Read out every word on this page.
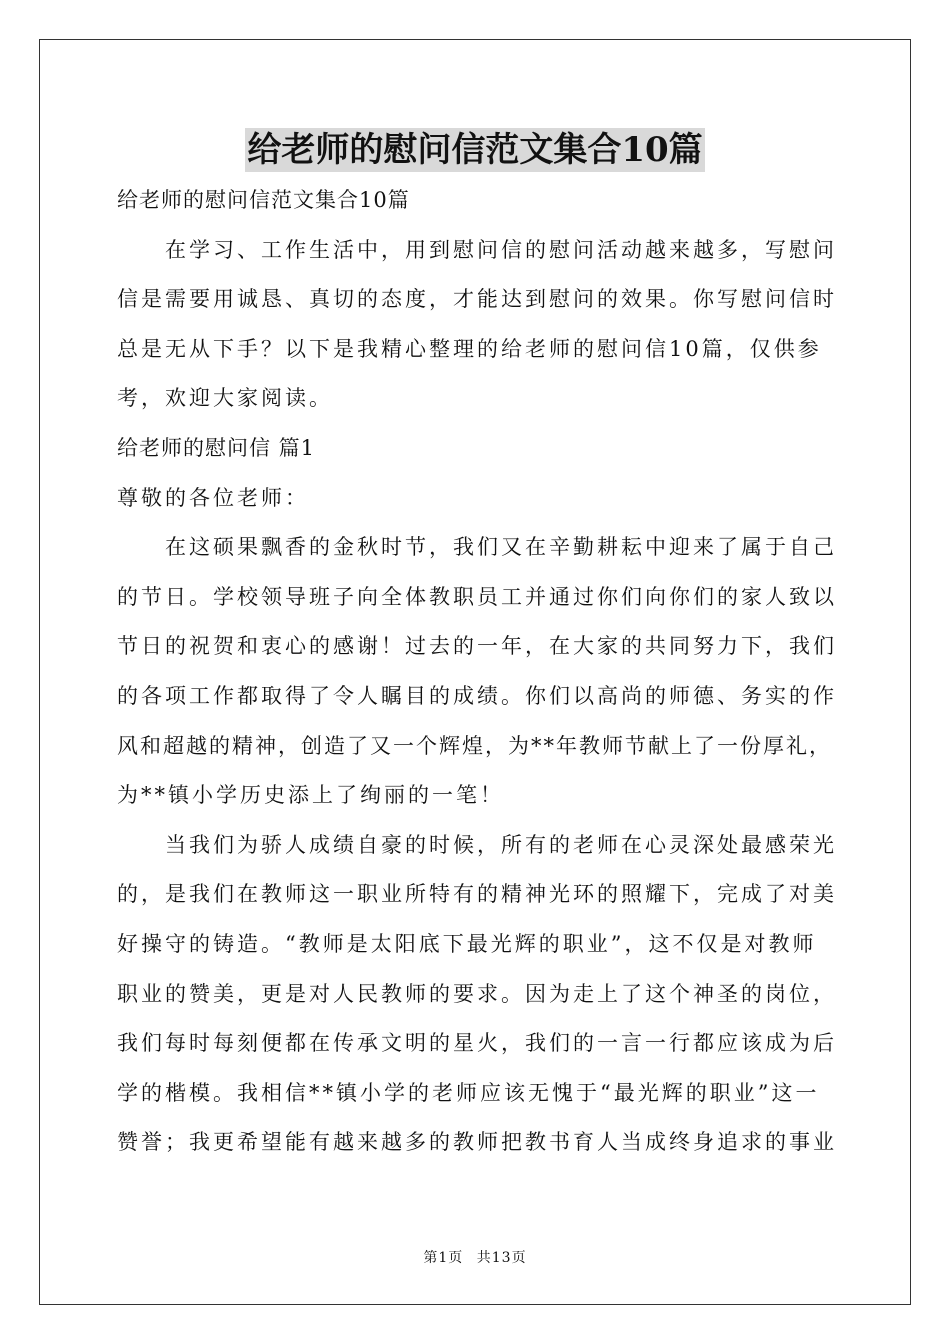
给老师的慰问信范文集合10篇
给老师的慰问信范文集合10篇
在学习、工作生活中，用到慰问信的慰问活动越来越多，写慰问
信是需要用诚恳、真切的态度，才能达到慰问的效果。你写慰问信时
总是无从下手？以下是我精心整理的给老师的慰问信10篇，仅供参
考，欢迎大家阅读。
给老师的慰问信 篇1
尊敬的各位老师：
在这硕果飘香的金秋时节，我们又在辛勤耕耘中迎来了属于自己
的节日。学校领导班子向全体教职员工并通过你们向你们的家人致以
节日的祝贺和衷心的感谢！过去的一年，在大家的共同努力下，我们
的各项工作都取得了令人瞩目的成绩。你们以高尚的师德、务实的作
风和超越的精神，创造了又一个辉煌，为**年教师节献上了一份厚礼，
为**镇小学历史添上了绚丽的一笔！
当我们为骄人成绩自豪的时候，所有的老师在心灵深处最感荣光
的，是我们在教师这一职业所特有的精神光环的照耀下，完成了对美
好操守的铸造。“教师是太阳底下最光辉的职业”，这不仅是对教师
职业的赞美，更是对人民教师的要求。因为走上了这个神圣的岗位，
我们每时每刻便都在传承文明的星火，我们的一言一行都应该成为后
学的楷模。我相信**镇小学的老师应该无愧于“最光辉的职业”这一
赞誉；我更希望能有越来越多的教师把教书育人当成终身追求的事业
第1页 共13页
